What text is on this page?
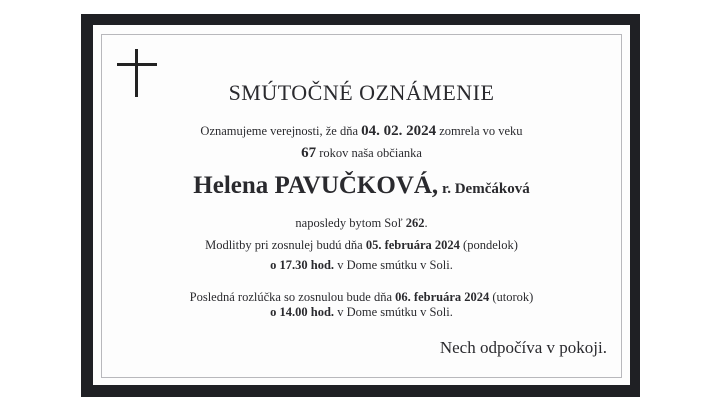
SMÚTOČNÉ OZNÁMENIE
Oznamujeme verejnosti, že dňa 04. 02. 2024 zomrela vo veku
67 rokov naša občianka
Helena PAVUČKOVÁ, r. Demčáková
naposledy bytom Soľ 262.
Modlitby pri zosnulej budú dňa 05. februára 2024 (pondelok)
o 17.30 hod. v Dome smútku v Soli.
Posledná rozlúčka so zosnulou bude dňa 06. februára 2024 (utorok)
o 14.00 hod. v Dome smútku v Soli.
Nech odpočíva v pokoji.
